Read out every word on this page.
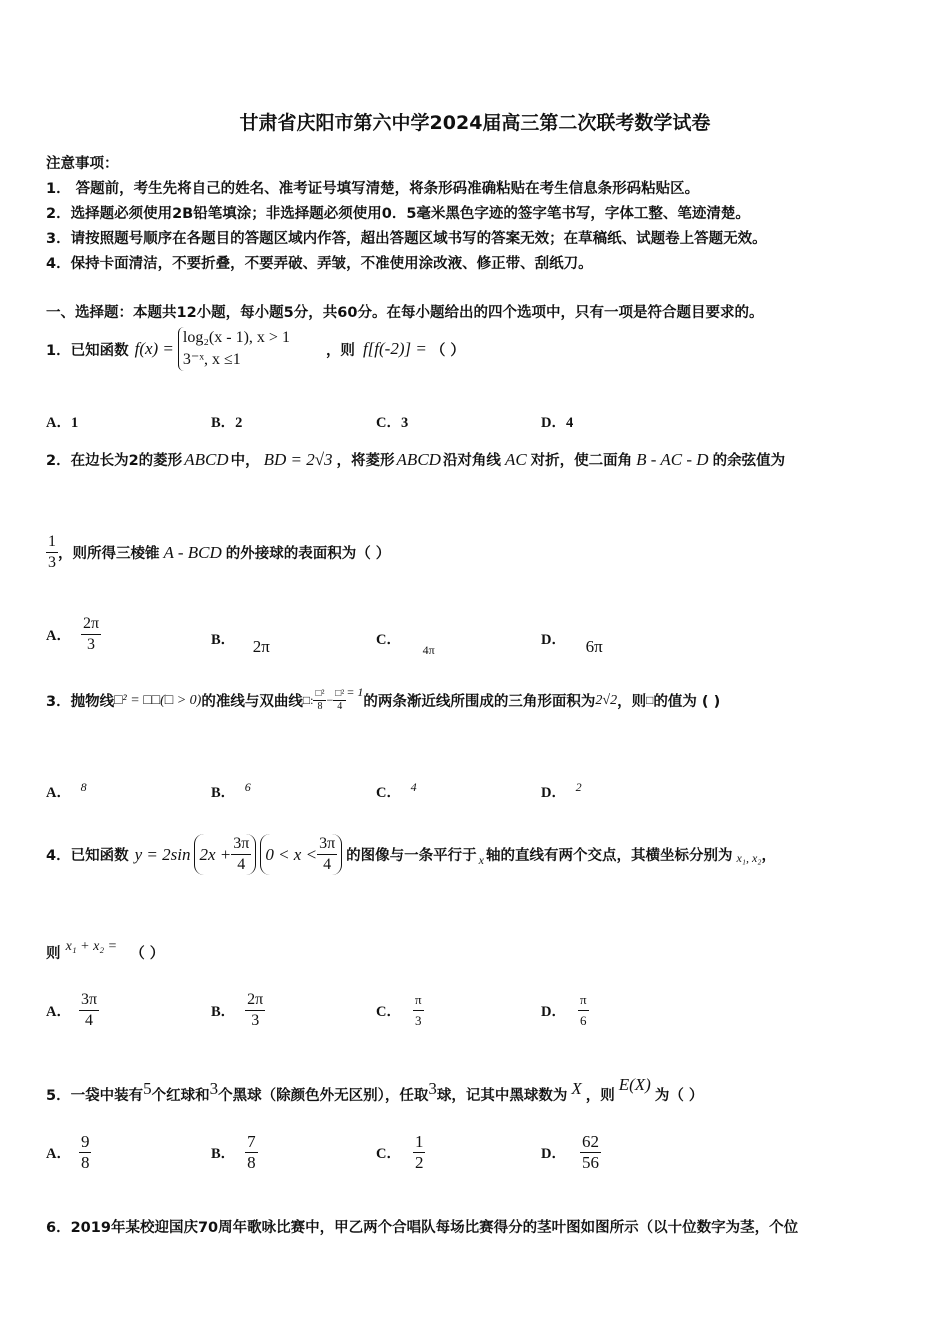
甘肃省庆阳市第六中学2024届高三第二次联考数学试卷
注意事项：
1． 答题前，考生先将自己的姓名、准考证号填写清楚，将条形码准确粘贴在考生信息条形码粘贴区。
2．选择题必须使用2B铅笔填涂；非选择题必须使用0．5毫米黑色字迹的签字笔书写，字体工整、笔迹清楚。
3．请按照题号顺序在各题目的答题区域内作答，超出答题区域书写的答案无效；在草稿纸、试题卷上答题无效。
4．保持卡面清洁，不要折叠，不要弄破、弄皱，不准使用涂改液、修正带、刮纸刀。
一、选择题：本题共12小题，每小题5分，共60分。在每小题给出的四个选项中，只有一项是符合题目要求的。
1．已知函数 f(x) =
log₂(x - 1), x > 1
3⁻ˣ, x ≤1
，则 f[f(-2)] = （ ）
A．1	B．2	C．3	D．4
2．在边长为2的菱形 ABCD 中， BD = 2√3 ，将菱形 ABCD 沿对角线 AC 对折，使二面角 B - AC - D 的余弦值为
$\frac{1}{3}$ ，则所得三棱锥 A - BCD 的外接球的表面积为（ ）
A． $\frac{2\pi}{3}$	B． 2π	C． $_{4\pi}$
D． 6π
3．抛物线 □² = □□(□ > 0) 的准线与双曲线 □: $\frac{\text{□²}}{8} - \frac{\text{□²}}{4} = 1$
的两条渐近线所围成的三角形面积为 2√2 ，则 □ 的值为 ( )
A． 8	B． 6	C． 4	D． 2
4．已知函数 y = 2sin $2x + \frac{3\pi}{4} 0 < x < \frac{3\pi}{4}$ 的图像与一条平行于 x 轴的直线有两个交点，其横坐标分别为 x₁, x₂ ，
则 x₁ + x₂ = （ ）
A． $\frac{3\pi}{4}$	B． $\frac{2\pi}{3}$	C． $\frac{\pi}{3}$	D． $\frac{\pi}{6}$
5．一袋中装有5个红球和3个黑球（除颜色外无区别），任取3球，记其中黑球数为 X ，则E(X)为（ ）
A． $\frac{9}{8}$	B． $\frac{7}{8}$	C． $\frac{1}{2}$	D． $\frac{62}{56}$
6．2019年某校迎国庆70周年歌咏比赛中，甲乙两个合唱队每场比赛得分的茎叶图如图所示（以十位数字为茎，个位
